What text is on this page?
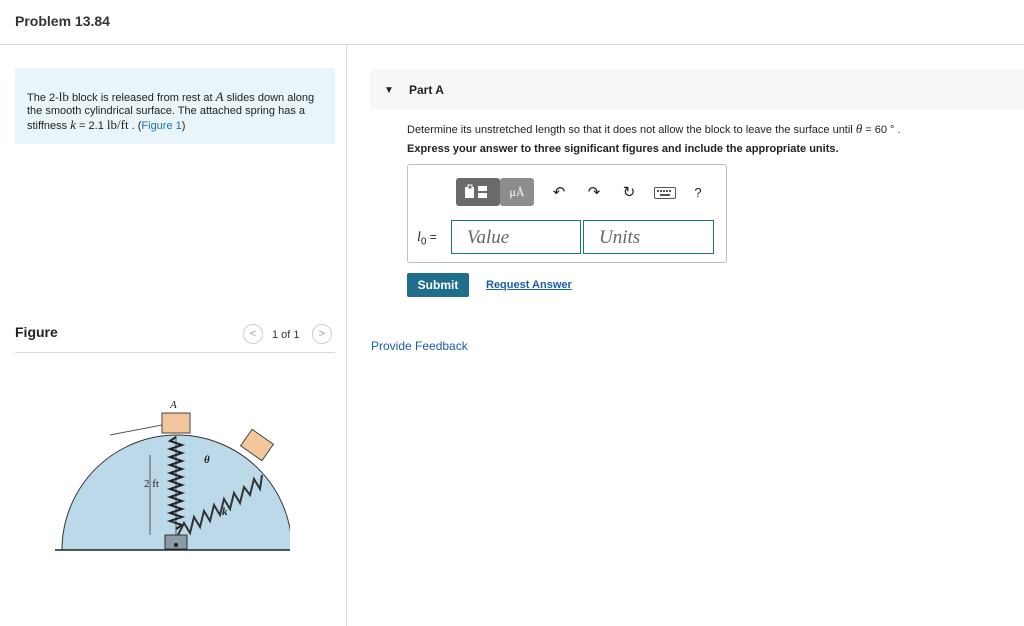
Problem 13.84
The 2-lb block is released from rest at A slides down along the smooth cylindrical surface. The attached spring has a stiffness k = 2.1 lb/ft . (Figure 1)
Figure	<	1 of 1	>
A
θ
2 ft
k
▼ Part A
Determine its unstretched length so that it does not allow the block to leave the surface until θ = 60 ° .
Express your answer to three significant figures and include the appropriate units.
μÅ	↶ ↷ ↻	?
$l_0$ =	Value	Units
Submit	Request Answer
Provide Feedback
